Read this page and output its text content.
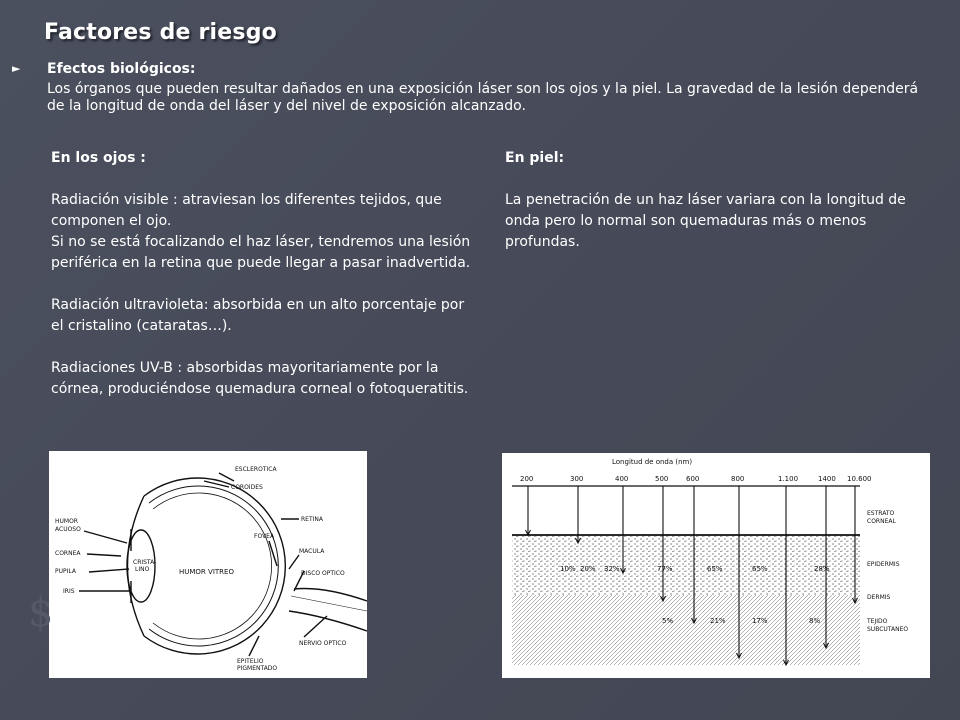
Factores de riesgo
► Efectos biológicos:
Los órganos que pueden resultar dañados en una exposición láser son los ojos y la piel. La gravedad de la lesión dependerá de la longitud de onda del láser y del nivel de exposición alcanzado.
En los ojos :
Radiación visible : atraviesan los diferentes tejidos, que componen el ojo.

Si no se está focalizando el haz láser, tendremos una lesión periférica en la retina que puede llegar a pasar inadvertida.

Radiación ultravioleta: absorbida en un alto porcentaje por el cristalino (cataratas…).

Radiaciones UV-B : absorbidas mayoritariamente por la córnea, produciéndose quemadura corneal o fotoqueratitis.

En piel:

La penetración de un haz láser variara con la longitud de onda pero lo normal son quemaduras más o menos profundas.

ESCLEROTICA
COROIDES
RETINA
HUMOR
ACUOSO
CORNEA
PUPILA
IRIS
CRISTA-
LINO	HUMOR VITREO
FOVEA
MACULA
DISCO OPTICO
NERVIO OPTICO
EPITELIO
PIGMENTADO
Longitud de onda (nm)
200	300	400	500	600	800	1.100	1400 10.600
10% 20% 32%	77%	65%	65%	28%
5%	21%	17%	8%
ESTRATO
CORNEAL
EPIDERMIS
DERMIS
TEJIDO
SUBCUTANEO
$
